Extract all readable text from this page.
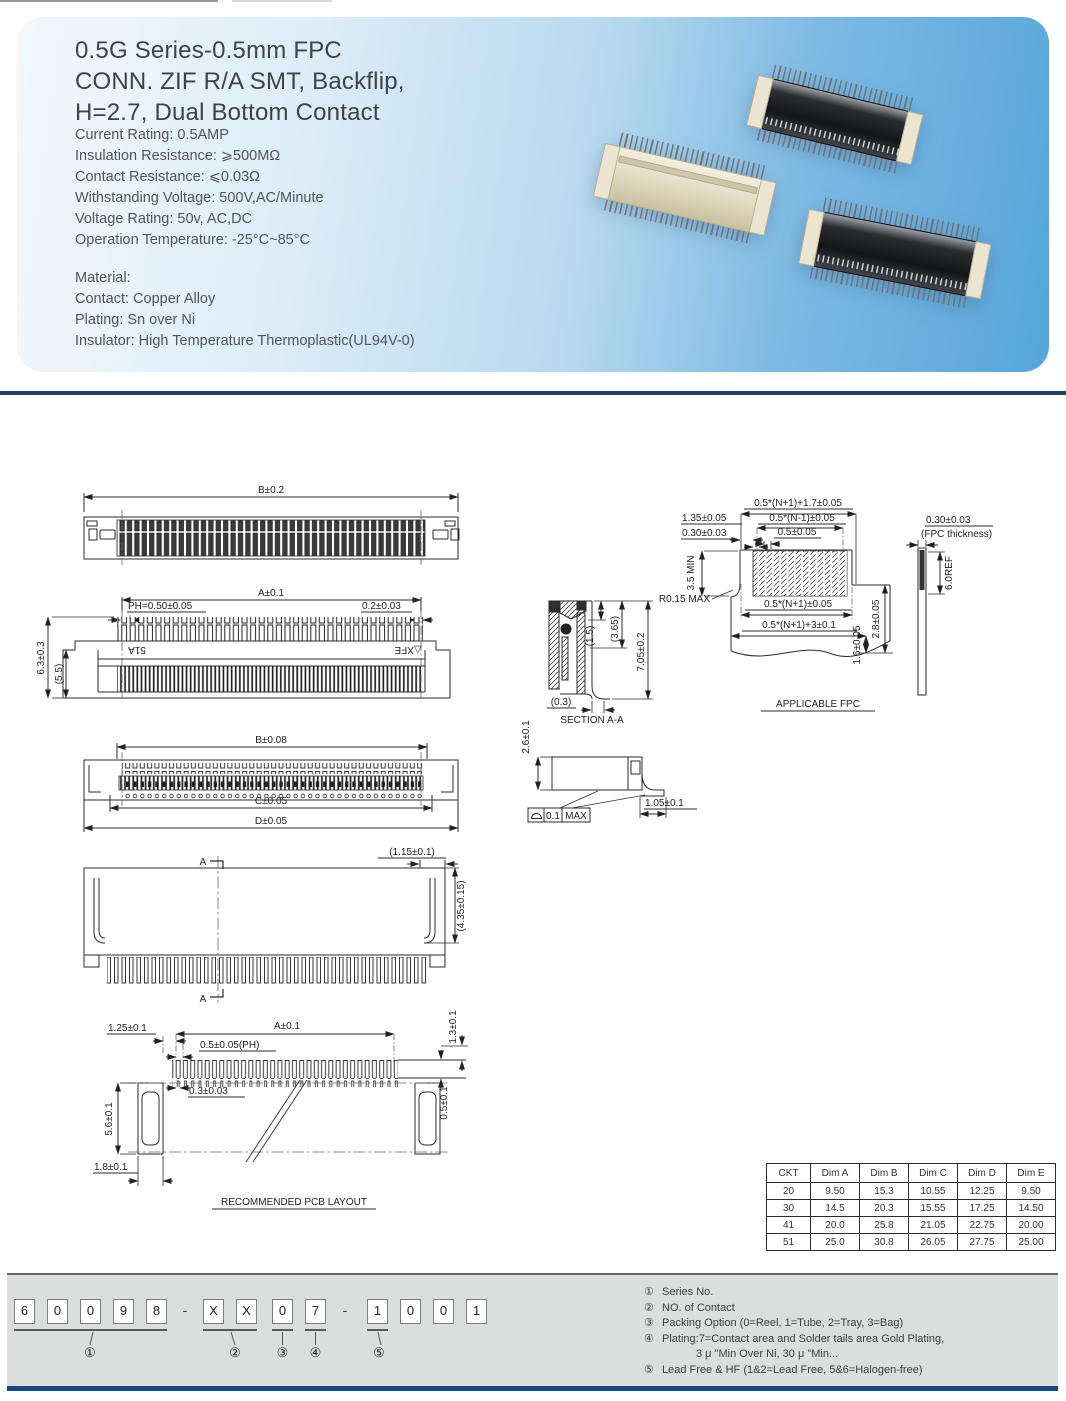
0.5G Series-0.5mm FPC
CONN. ZIF R/A SMT, Backflip,
H=2.7, Dual Bottom Contact
Current Rating: 0.5AMP
Insulation Resistance: ⩾500MΩ
Contact Resistance: ⩽0.03Ω
Withstanding Voltage: 500V,AC/Minute
Voltage Rating: 50v, AC,DC
Operation Temperature: -25°C~85°C
Material:
Contact: Copper Alloy
Plating: Sn over Ni
Insulator: High Temperature Thermoplastic(UL94V-0)
B±0.2
A±0.1
PH=0.50±0.05	0.2±0.03
51A	△XFE
6.3±0.3 (5.5)
B±0.08
C±0.05
D±0.05
(1.15±0.1)
(4.35±0.15)
A
A
(1.5) (3.65)
7.05±0.2
(0.3)
SECTION A-A
2.6±0.1
0.1 MAX
1.05±0.1
0.5*(N+1)+1.7±0.05
0.5*(N-1)±0.05
1.35±0.05
0.30±0.03	0.5±0.05
3.5 MIN
R0.15 MAX	0.5*(N+1)±0.05
0.5*(N+1)+3±0.1
1.6±0.05
2.8±0.05
0.30±0.03
(FPC thickness)
6.0REF
APPLICABLE FPC
1.25±0.1	A±0.1
0.5±0.05(PH)
0.3±0.03
5.6±0.1
1.8±0.1
1.3±0.1
0.5±0.1
RECOMMENDED PCB LAYOUT
CKT	Dim A	Dim B	Dim C	Dim D	Dim E
20	9.50	15.3	10.55	12.25	9.50
30	14.5	20.3	15.55	17.25	14.50
41	20.0	25.8	21.05	22.75	20.00
51	25.0	30.8	26.05	27.75	25.00
6	0	0	9	8	-	X	X	0	7	-	1	0	0	1
①	②	③ ④	⑤
① Series No.
② NO. of Contact
③ Packing Option (0=Reel, 1=Tube, 2=Tray, 3=Bag)
④ Plating:7=Contact area and Solder tails area Gold Plating,
3 μ "Min Over Ni, 30 μ "Min...
⑤ Lead Free & HF (1&2=Lead Free, 5&6=Halogen-free)
